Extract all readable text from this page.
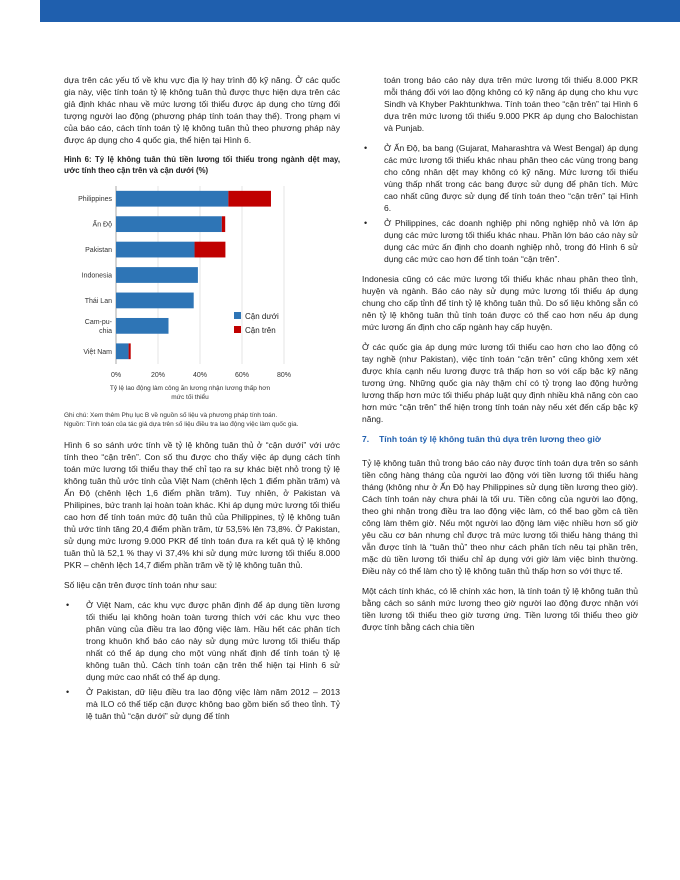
dựa trên các yếu tố về khu vực địa lý hay trình độ kỹ năng. Ở các quốc gia này, việc tính toán tỷ lệ không tuân thủ được thực hiện dựa trên các giả định khác nhau về mức lương tối thiểu được áp dụng cho từng đối tượng người lao động (phương pháp tính toán thay thế). Trong phạm vi của báo cáo, cách tính toán tỷ lệ không tuân thủ theo phương pháp này được áp dụng cho 4 quốc gia, thể hiện tại Hình 6.

Hình 6: Tỷ lệ không tuân thủ tiền lương tối thiểu trong ngành dệt may, ước tính theo cận trên và cận dưới (%)
0%	20%	40%	60%	80%
Philippines
Ấn Độ
Pakistan
Indonesia
Thái Lan
Cam-pu-
chia
Việt Nam
Cận dưới
Cận trên
Tỷ lệ lao động làm công ăn lương nhận lương thấp hơn
mức tối thiểu
Ghi chú: Xem thêm Phụ lục B về nguồn số liệu và phương pháp tính toán.
Nguồn: Tính toán của tác giả dựa trên số liệu điều tra lao động việc làm quốc gia.

Hình 6 so sánh ước tính về tỷ lệ không tuân thủ ở “cận dưới” với ước tính theo “cận trên”. Con số thu được cho thấy việc áp dụng cách tính toán mức lương tối thiểu thay thế chỉ tạo ra sự khác biệt nhỏ trong tỷ lệ không tuân thủ ước tính của Việt Nam (chênh lệch 1 điểm phần trăm) và Ấn Độ (chênh lệch 1,6 điểm phần trăm). Tuy nhiên, ở Pakistan và Philipines, bức tranh lại hoàn toàn khác. Khi áp dụng mức lương tối thiểu cao hơn để tính toán mức độ tuân thủ của Philippines, tỷ lệ không tuân thủ ước tính tăng 20,4 điểm phần trăm, từ 53,5% lên 73,8%. Ở Pakistan, sử dụng mức lương 9.000 PKR để tính toán đưa ra kết quả tỷ lệ không tuân thủ là 52,1 % thay vì 37,4% khi sử dụng mức lương tối thiểu 8.000 PKR – chênh lệch 14,7 điểm phần trăm về tỷ lệ không tuân thủ.

Số liệu cận trên được tính toán như sau:

• Ở Việt Nam, các khu vực được phân định để áp dụng tiền lương tối thiểu lại không hoàn toàn tương thích với các khu vực theo phân vùng của điều tra lao động việc làm. Hầu hết các phân tích trong khuôn khổ báo cáo này sử dụng mức lương tối thiểu thấp nhất có thể áp dụng cho một vùng nhất định để tính toán tỷ lệ không tuân thủ. Cách tính toán cận trên thể hiện tại Hình 6 sử dụng mức cao nhất có thể áp dụng.
• Ở Pakistan, dữ liệu điều tra lao động việc làm năm 2012 – 2013 mà ILO có thể tiếp cận được không bao gồm biến số theo tỉnh. Tỷ lệ tuân thủ “cận dưới” sử dụng để tính

toán trong báo cáo này dựa trên mức lương tối thiểu 8.000 PKR mỗi tháng đối với lao động không có kỹ năng áp dụng cho khu vực Sindh và Khyber Pakhtunkhwa. Tính toán theo “cận trên” tại Hình 6 dựa trên mức lương tối thiểu 9.000 PKR áp dụng cho Balochistan và Punjab.

• Ở Ấn Độ, ba bang (Gujarat, Maharashtra và West Bengal) áp dụng các mức lương tối thiểu khác nhau phân theo các vùng trong bang cho công nhân dệt may không có kỹ năng. Mức lương tối thiểu vùng thấp nhất trong các bang được sử dụng để phân tích. Mức cao nhất cũng được sử dụng để tính toán theo “cận trên” tại Hình 6.
• Ở Philippines, các doanh nghiệp phi nông nghiệp nhỏ và lớn áp dụng các mức lương tối thiểu khác nhau. Phần lớn báo cáo này sử dụng các mức ấn định cho doanh nghiệp nhỏ, trong đó Hình 6 sử dụng các mức cao hơn để tính toán “cận trên”.

Indonesia cũng có các mức lương tối thiểu khác nhau phân theo tỉnh, huyện và ngành. Báo cáo này sử dụng mức lương tối thiểu áp dụng chung cho cấp tỉnh để tính tỷ lệ không tuân thủ. Do số liệu không sẵn có nên tỷ lệ không tuân thủ tính toán được có thể cao hơn nếu áp dụng mức lương ấn định cho cấp ngành hay cấp huyện.

Ở các quốc gia áp dụng mức lương tối thiểu cao hơn cho lao động có tay nghề (như Pakistan), việc tính toán “cận trên” cũng không xem xét được khía cạnh nếu lương được trả thấp hơn so với cấp bậc kỹ năng tương ứng. Những quốc gia này thậm chí có tỷ trọng lao động hưởng lương thấp hơn mức tối thiểu pháp luật quy định nhiều khả năng còn cao hơn mức “cận trên” thể hiện trong tính toán này nếu xét đến cấp bậc kỹ năng.

7. Tính toán tỷ lệ không tuân thủ dựa trên lương theo giờ

Tỷ lệ không tuân thủ trong báo cáo này được tính toán dựa trên so sánh tiền công hàng tháng của người lao động với tiền lương tối thiểu hàng tháng (không như ở Ấn Độ hay Philippines sử dụng tiền lương theo giờ). Cách tính toán này chưa phải là tối ưu. Tiền công của người lao động, theo ghi nhận trong điều tra lao động việc làm, có thể bao gồm cả tiền công làm thêm giờ. Nếu một người lao động làm việc nhiều hơn số giờ yêu cầu cơ bản nhưng chỉ được trả mức lương tối thiểu hàng tháng thì vẫn được tính là “tuân thủ” theo như cách phân tích nêu tại phần trên, mặc dù tiền lương tối thiểu chỉ áp dụng với giờ làm việc bình thường. Điều này có thể làm cho tỷ lệ không tuân thủ thấp hơn so với thực tế.

Một cách tính khác, có lẽ chính xác hơn, là tính toán tỷ lệ không tuân thủ bằng cách so sánh mức lương theo giờ người lao động được nhận với tiền lương tối thiểu theo giờ tương ứng. Tiền lương tối thiểu theo giờ được tính bằng cách chia tiền
